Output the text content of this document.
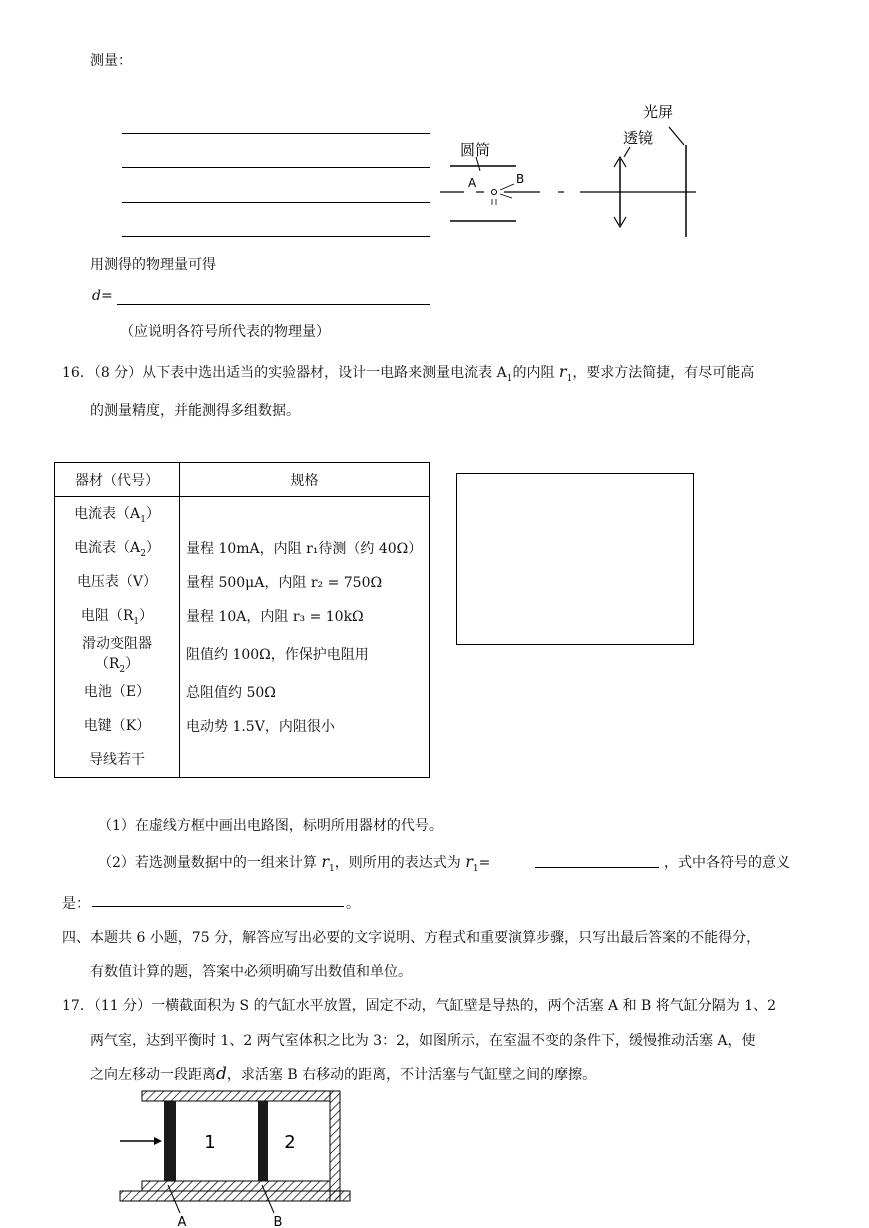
测量：
光屏
透镜
圆筒
A	B
用测得的物理量可得
d=
（应说明各符号所代表的物理量）
16．（8 分）从下表中选出适当的实验器材，设计一电路来测量电流表 $A_1$的内阻 $r_1$，要求方法简捷，有尽可能高
的测量精度，并能测得多组数据。
器材（代号）	规格
电流表$(A_1)$	
电流表$(A_2)$	量程 10mA，内阻 r₁待测（约 40Ω）
电压表（V）	量程 500μA，内阻 r₂ = 750Ω
电阻$(R_1)$	量程 10A，内阻 r₃ = 10kΩ
滑动变阻器$(R_2)$	阻值约 100Ω，作保护电阻用
电池（E）	总阻值约 50Ω
电键（K）	电动势 1.5V，内阻很小
导线若干	
（1）在虚线方框中画出电路图，标明所用器材的代号。
（2）若选测量数据中的一组来计算 $r_1$，则所用的表达式为 $r_1=$	，式中各符号的意义
是：	。
四、本题共 6 小题，75 分，解答应写出必要的文字说明、方程式和重要演算步骤，只写出最后答案的不能得分，
有数值计算的题，答案中必须明确写出数值和单位。
17．（11 分）一横截面积为 S 的气缸水平放置，固定不动，气缸壁是导热的，两个活塞 A 和 B 将气缸分隔为 1、2
两气室，达到平衡时 1、2 两气室体积之比为 3：2，如图所示，在室温不变的条件下，缓慢推动活塞 A，使
之向左移动一段距离d，求活塞 B 右移动的距离，不计活塞与气缸壁之间的摩擦。
1	2
A	B
